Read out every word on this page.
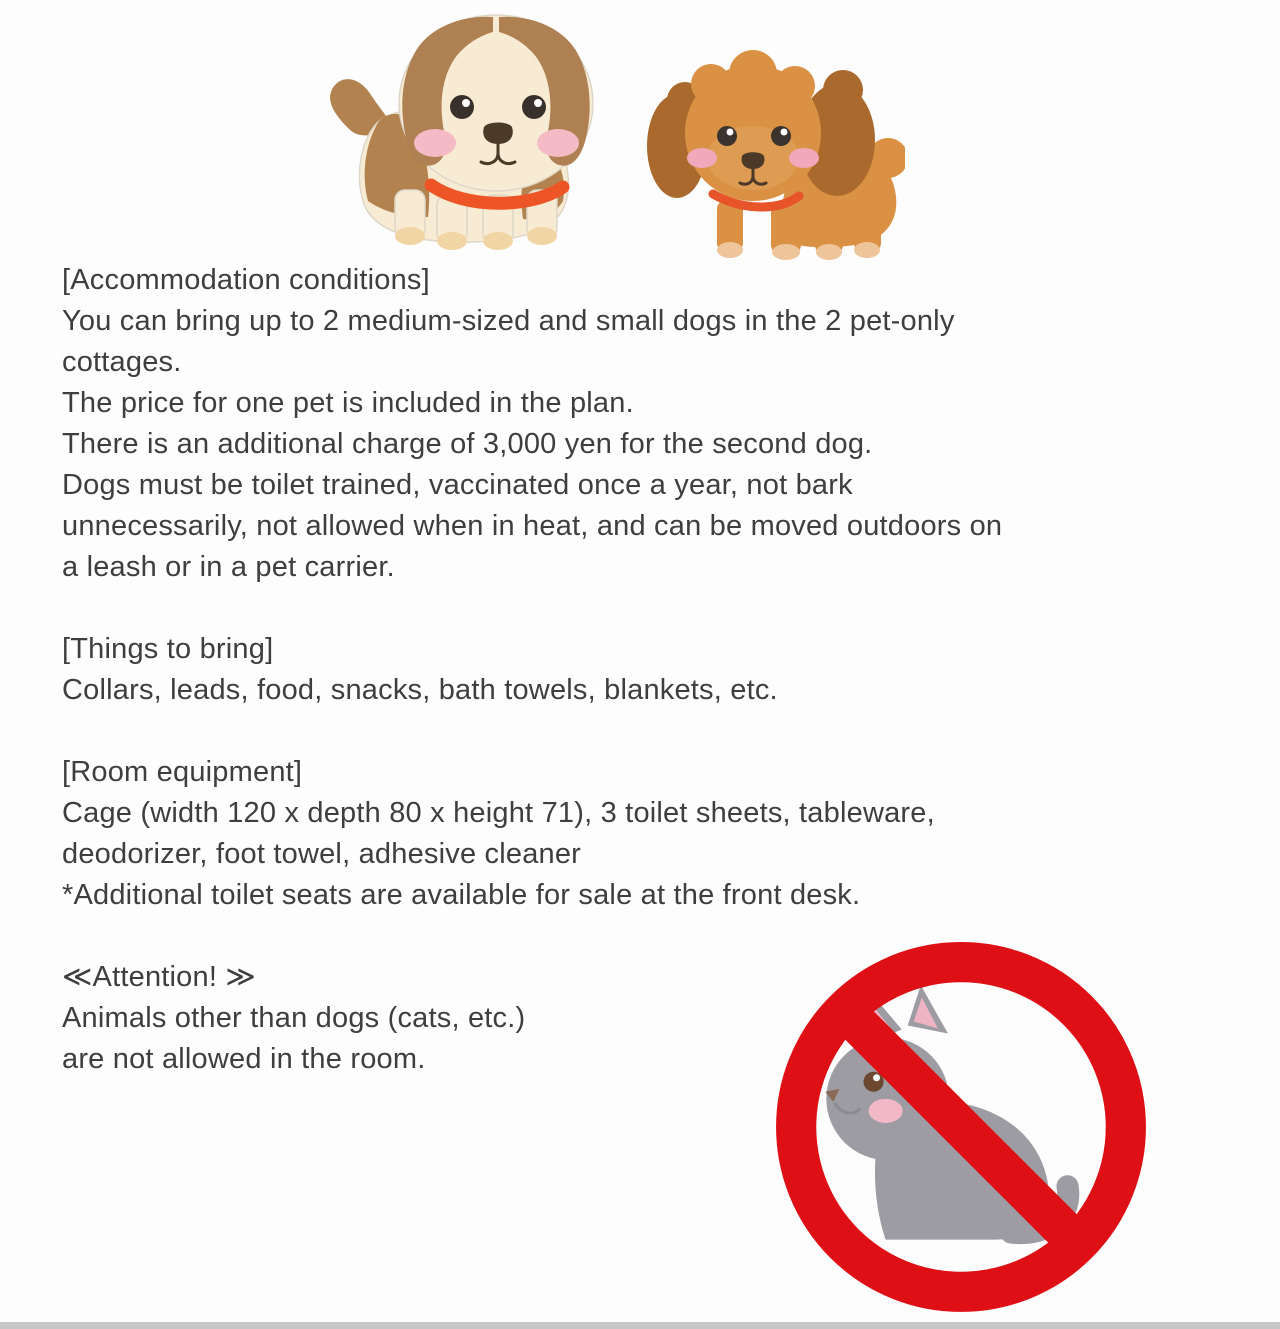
[Accommodation conditions]
You can bring up to 2 medium-sized and small dogs in the 2 pet-only
cottages.
The price for one pet is included in the plan.
There is an additional charge of 3,000 yen for the second dog.
Dogs must be toilet trained, vaccinated once a year, not bark
unnecessarily, not allowed when in heat, and can be moved outdoors on
a leash or in a pet carrier.
[Things to bring]
Collars, leads, food, snacks, bath towels, blankets, etc.
[Room equipment]
Cage (width 120 x depth 80 x height 71), 3 toilet sheets, tableware,
deodorizer, foot towel, adhesive cleaner
*Additional toilet seats are available for sale at the front desk.
≪Attention! ≫
Animals other than dogs (cats, etc.)
are not allowed in the room.
